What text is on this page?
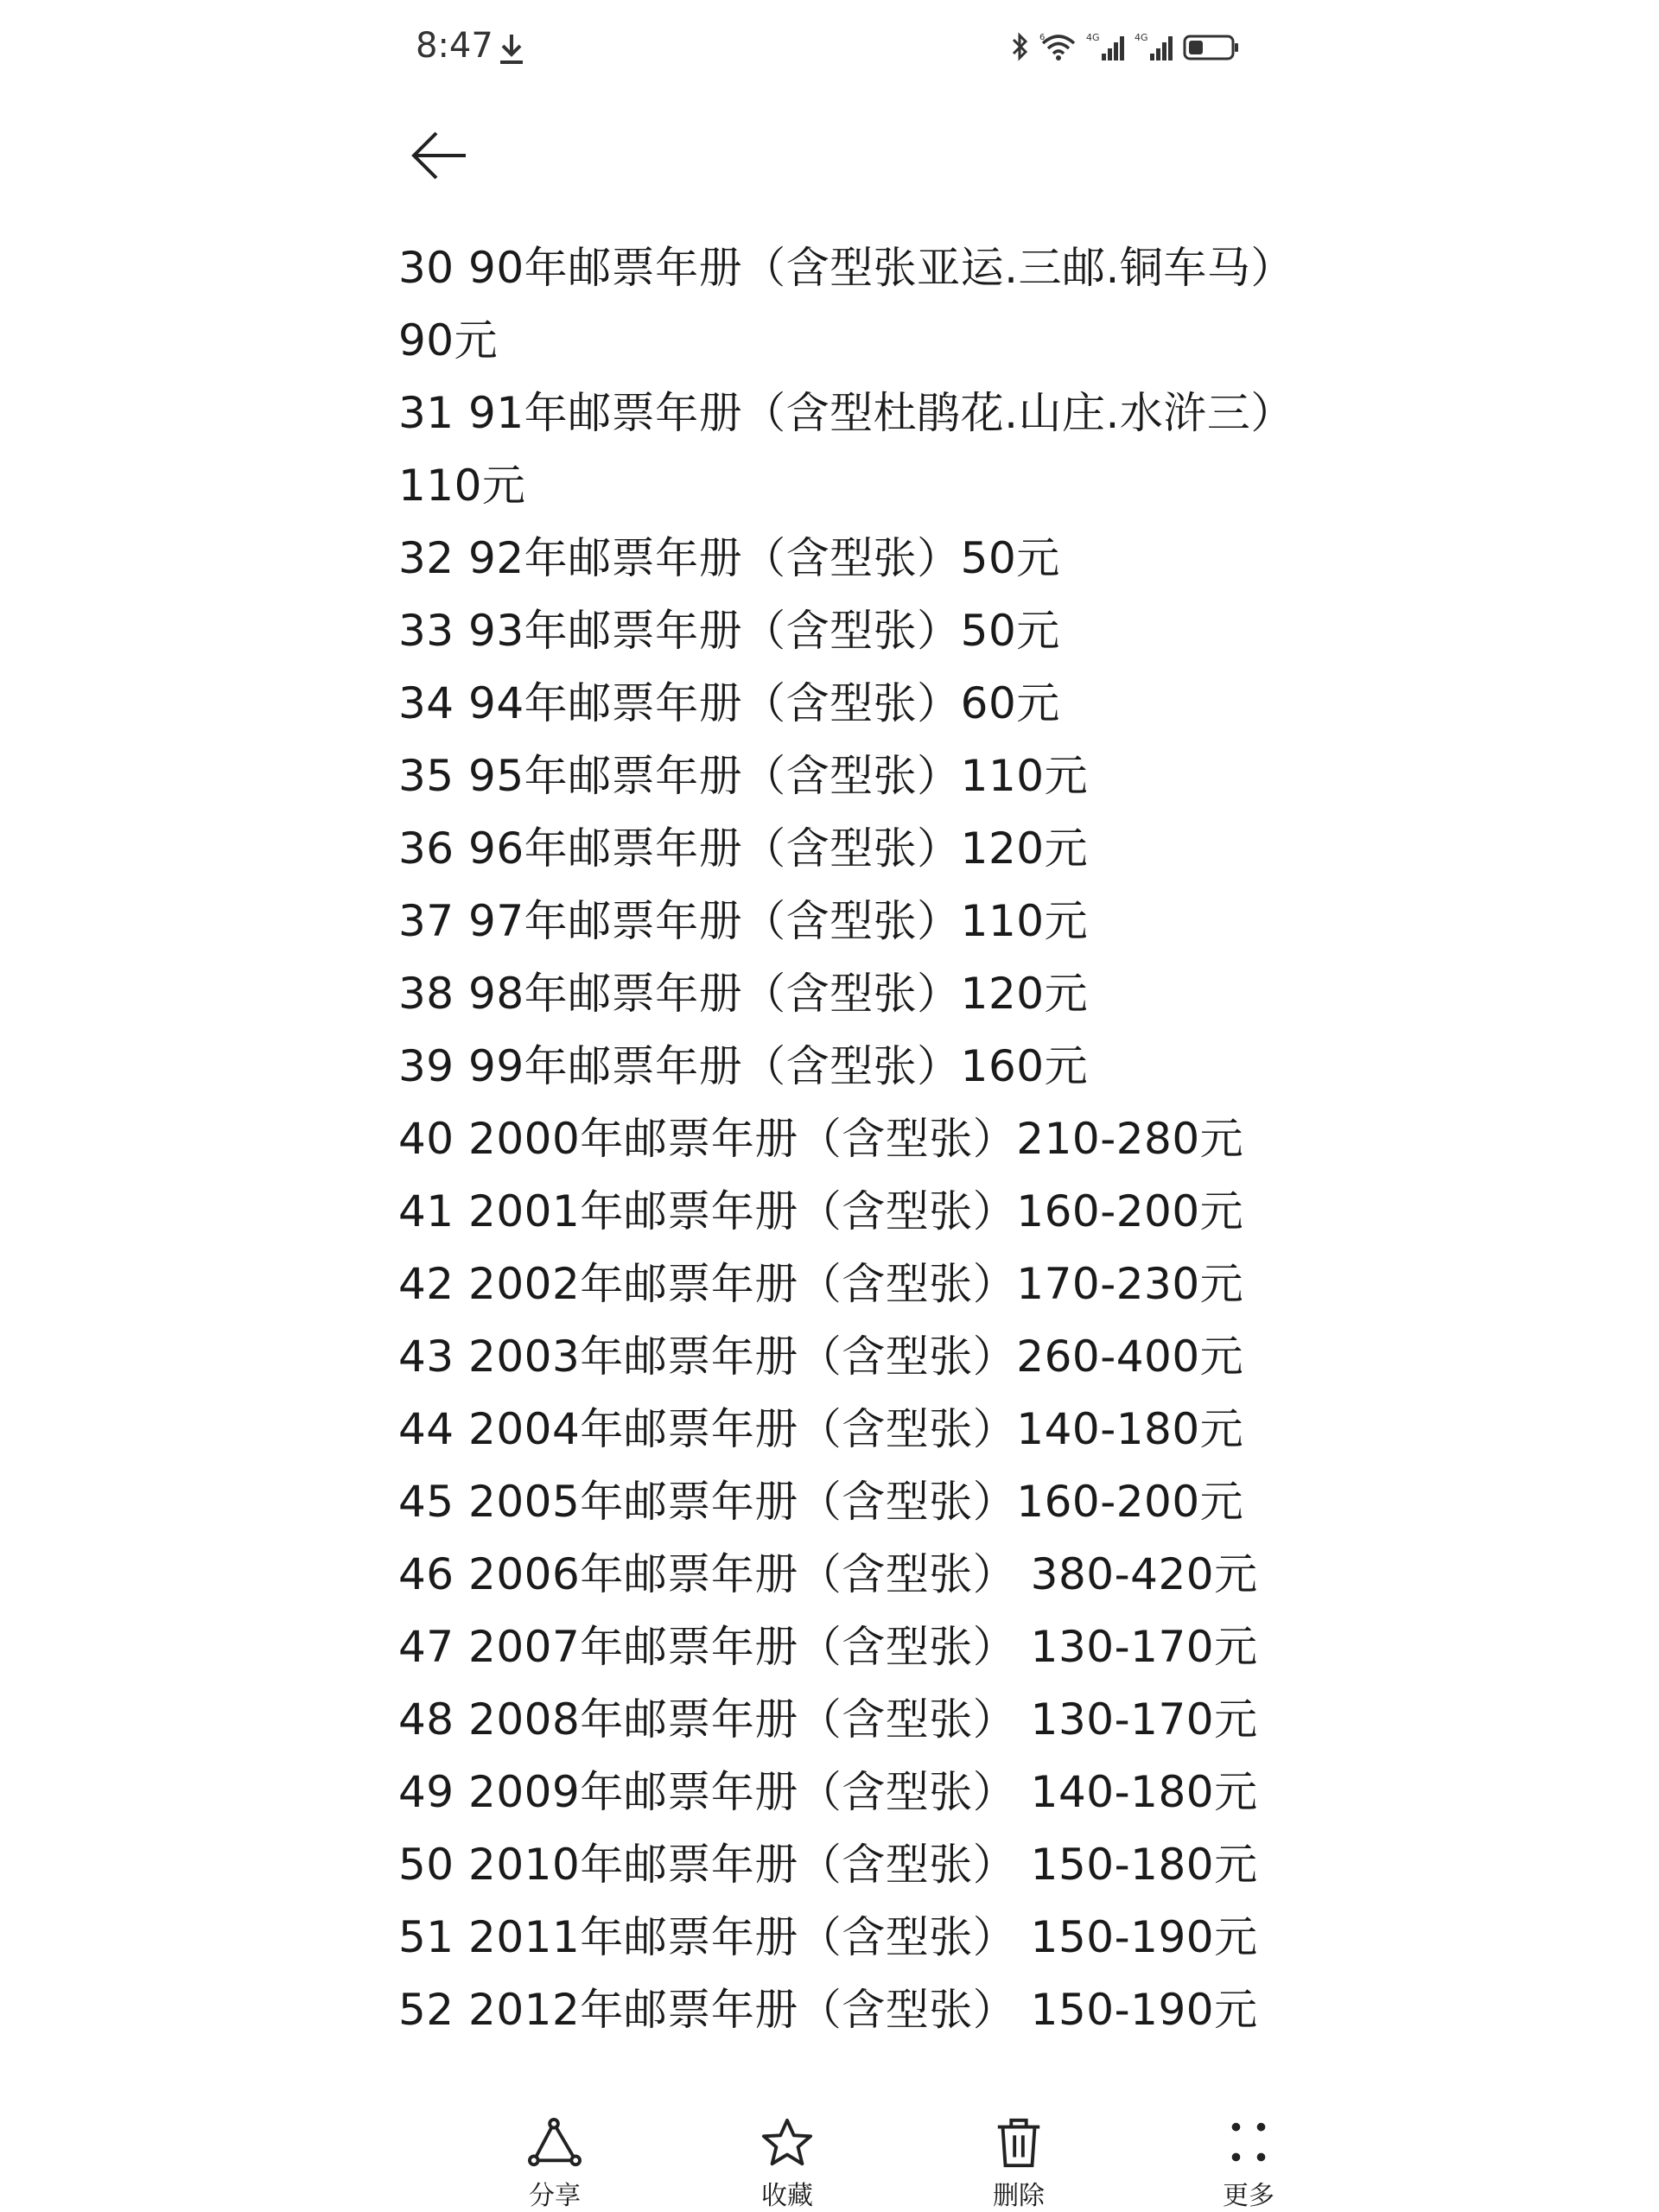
8:47	6	4G	4G
30 90年邮票年册（含型张亚运.三邮.铜车马）
90元
31 91年邮票年册（含型杜鹃花.山庄.水浒三）
110元
32 92年邮票年册（含型张）50元
33 93年邮票年册（含型张）50元
34 94年邮票年册（含型张）60元
35 95年邮票年册（含型张）110元
36 96年邮票年册（含型张）120元
37 97年邮票年册（含型张）110元
38 98年邮票年册（含型张）120元
39 99年邮票年册（含型张）160元
40 2000年邮票年册（含型张）210-280元
41 2001年邮票年册（含型张）160-200元
42 2002年邮票年册（含型张）170-230元
43 2003年邮票年册（含型张）260-400元
44 2004年邮票年册（含型张）140-180元
45 2005年邮票年册（含型张）160-200元
46 2006年邮票年册（含型张） 380-420元
47 2007年邮票年册（含型张） 130-170元
48 2008年邮票年册（含型张） 130-170元
49 2009年邮票年册（含型张） 140-180元
50 2010年邮票年册（含型张） 150-180元
51 2011年邮票年册（含型张） 150-190元
52 2012年邮票年册（含型张） 150-190元
分享	收藏	删除	更多
